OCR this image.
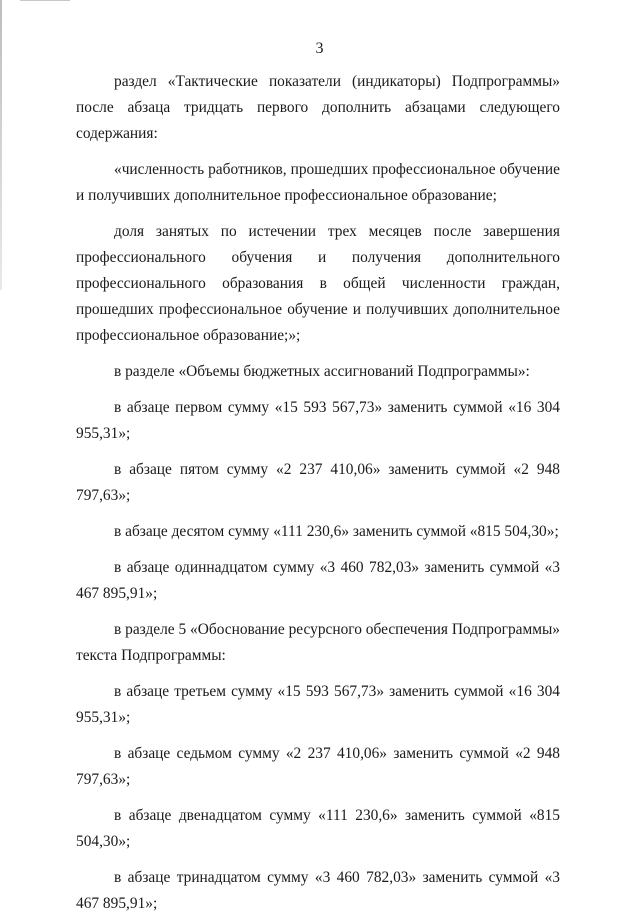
3

раздел «Тактические показатели (индикаторы) Подпрограммы» после абзаца тридцать первого дополнить абзацами следующего содержания:

«численность работников, прошедших профессиональное обучение и получивших дополнительное профессиональное образование;

доля занятых по истечении трех месяцев после завершения профессионального обучения и получения дополнительного профессионального образования в общей численности граждан, прошедших профессиональное обучение и получивших дополнительное профессиональное образование;»;

в разделе «Объемы бюджетных ассигнований Подпрограммы»:

в абзаце первом сумму «15 593 567,73» заменить суммой «16 304 955,31»;

в абзаце пятом сумму «2 237 410,06» заменить суммой «2 948 797,63»;

в абзаце десятом сумму «111 230,6» заменить суммой «815 504,30»;

в абзаце одиннадцатом сумму «3 460 782,03» заменить суммой «3 467 895,91»;

в разделе 5 «Обоснование ресурсного обеспечения Подпрограммы» текста Подпрограммы:

в абзаце третьем сумму «15 593 567,73» заменить суммой «16 304 955,31»;

в абзаце седьмом сумму «2 237 410,06» заменить суммой «2 948 797,63»;

в абзаце двенадцатом сумму «111 230,6» заменить суммой «815 504,30»;

в абзаце тринадцатом сумму «3 460 782,03» заменить суммой «3 467 895,91»;
